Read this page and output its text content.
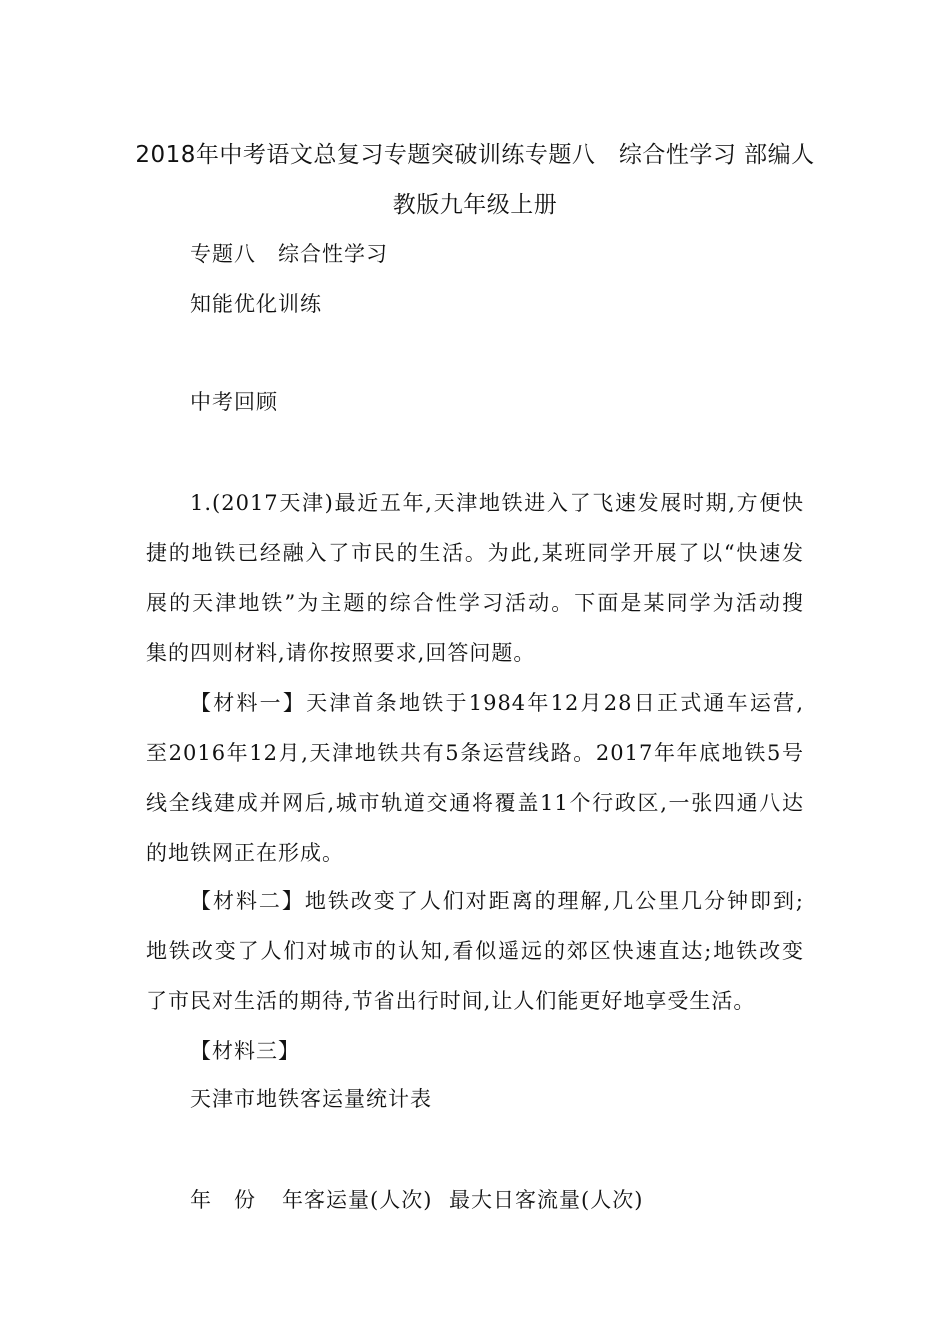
2018年中考语文总复习专题突破训练专题八　综合性学习 部编人
教版九年级上册
专题八　综合性学习
知能优化训练
中考回顾
1.(2017天津)最近五年,天津地铁进入了飞速发展时期,方便快
捷的地铁已经融入了市民的生活。为此,某班同学开展了以“快速发
展的天津地铁”为主题的综合性学习活动。下面是某同学为活动搜
集的四则材料,请你按照要求,回答问题。
【材料一】天津首条地铁于1984年12月28日正式通车运营,
至2016年12月,天津地铁共有5条运营线路。2017年年底地铁5号
线全线建成并网后,城市轨道交通将覆盖11个行政区,一张四通八达
的地铁网正在形成。
【材料二】地铁改变了人们对距离的理解,几公里几分钟即到;
地铁改变了人们对城市的认知,看似遥远的郊区快速直达;地铁改变
了市民对生活的期待,节省出行时间,让人们能更好地享受生活。
【材料三】
天津市地铁客运量统计表
年　份 年客运量(人次) 最大日客流量(人次)
